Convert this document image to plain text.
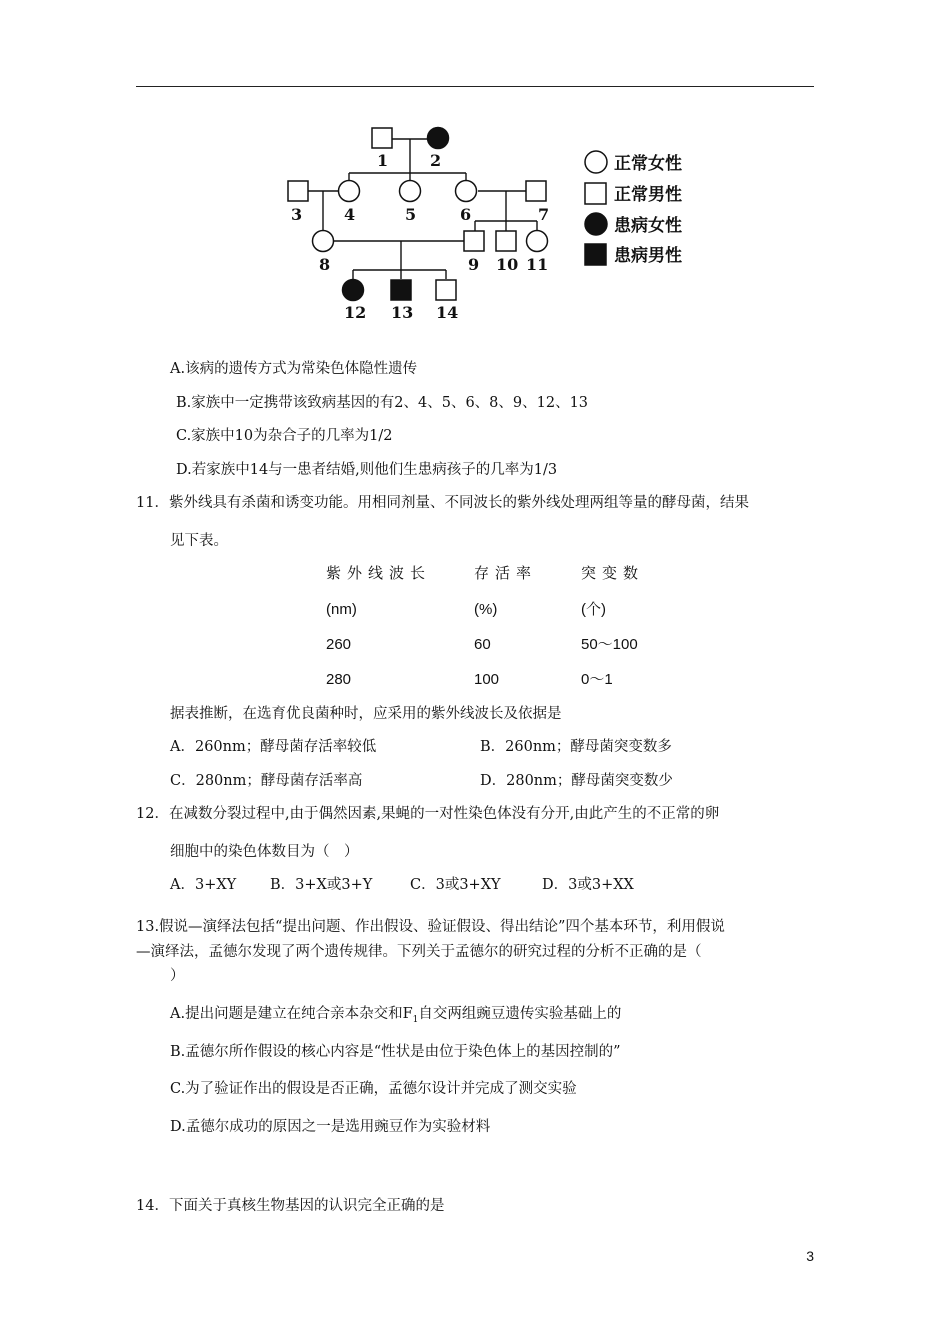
1	2
3	4	5	6	7
8	9 10 11
12 13 14
正常女性
正常男性
患病女性
患病男性
A.该病的遗传方式为常染色体隐性遗传
B.家族中一定携带该致病基因的有2、4、5、6、8、9、12、13
C.家族中10为杂合子的几率为1/2
D.若家族中14与一患者结婚,则他们生患病孩子的几率为1/3
11．紫外线具有杀菌和诱变功能。用相同剂量、不同波长的紫外线处理两组等量的酵母菌，结果
见下表。
紫外线波长	存活率	突变数
(nm)	(%)	(个)
260	60	50～100
280	100	0～1
据表推断，在选育优良菌种时，应采用的紫外线波长及依据是
A．260nm；酵母菌存活率较低	B．260nm；酵母菌突变数多
C．280nm；酵母菌存活率高	D．280nm；酵母菌突变数少
12．在减数分裂过程中,由于偶然因素,果蝇的一对性染色体没有分开,由此产生的不正常的卵
细胞中的染色体数目为（　）
A．3+XY B．3+X或3+Y	C．3或3+XY	D．3或3+XX
13.假说—演绎法包括“提出问题、作出假设、验证假设、得出结论”四个基本环节，利用假说
—演绎法，孟德尔发现了两个遗传规律。下列关于孟德尔的研究过程的分析不正确的是（
）
A.提出问题是建立在纯合亲本杂交和$F_1$自交两组豌豆遗传实验基础上的
B.孟德尔所作假设的核心内容是“性状是由位于染色体上的基因控制的”
C.为了验证作出的假设是否正确，孟德尔设计并完成了测交实验
D.孟德尔成功的原因之一是选用豌豆作为实验材料
14．下面关于真核生物基因的认识完全正确的是
3
